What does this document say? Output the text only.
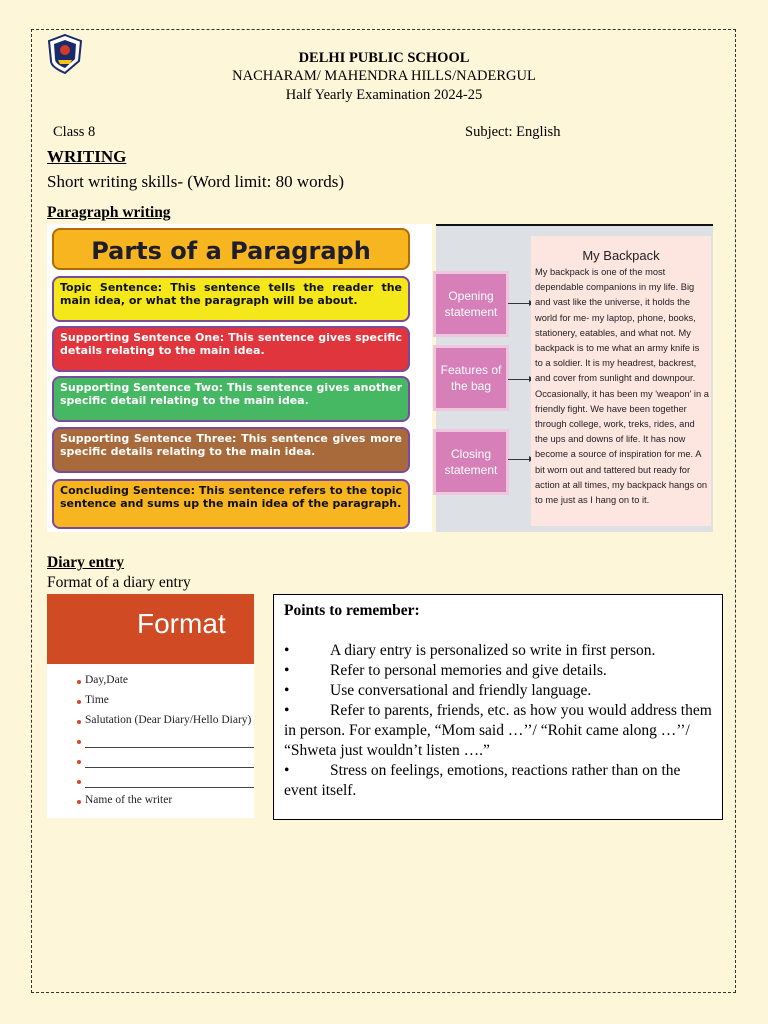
DELHI PUBLIC SCHOOL
NACHARAM/ MAHENDRA HILLS/NADERGUL
Half Yearly Examination 2024-25
Class 8	Subject: English
WRITING
Short writing skills- (Word limit: 80 words)
Paragraph writing
Parts of a Paragraph
Topic Sentence: This sentence tells the reader the main idea, or what the paragraph will be about.
Supporting Sentence One: This sentence gives specific details relating to the main idea.
Supporting Sentence Two: This sentence gives another specific detail relating to the main idea.
Supporting Sentence Three: This sentence gives more specific details relating to the main idea.
Concluding Sentence: This sentence refers to the topic sentence and sums up the main idea of the paragraph.
Opening statement
Features of the bag
Closing statement
My Backpack
My backpack is one of the most dependable companions in my life. Big and vast like the universe, it holds the world for me- my laptop, phone, books, stationery, eatables, and what not. My backpack is to me what an army knife is to a soldier. It is my headrest, backrest, and cover from sunlight and downpour. Occasionally, it has been my 'weapon' in a friendly fight. We have been together through college, work, treks, rides, and the ups and downs of life. It has now become a source of inspiration for me. A bit worn out and tattered but ready for action at all times, my backpack hangs on to me just as I hang on to it.
Diary entry
Format of a diary entry
Format
Day,Date
Time
Salutation (Dear Diary/Hello Diary)
Name of the writer
Points to remember:
•	A diary entry is personalized so write in first person.
•	Refer to personal memories and give details.
•	Use conversational and friendly language.
•	Refer to parents, friends, etc. as how you would address them in person. For example, “Mom said …’’/ “Rohit came along …’’/ “Shweta just wouldn’t listen ….”
•	Stress on feelings, emotions, reactions rather than on the event itself.
